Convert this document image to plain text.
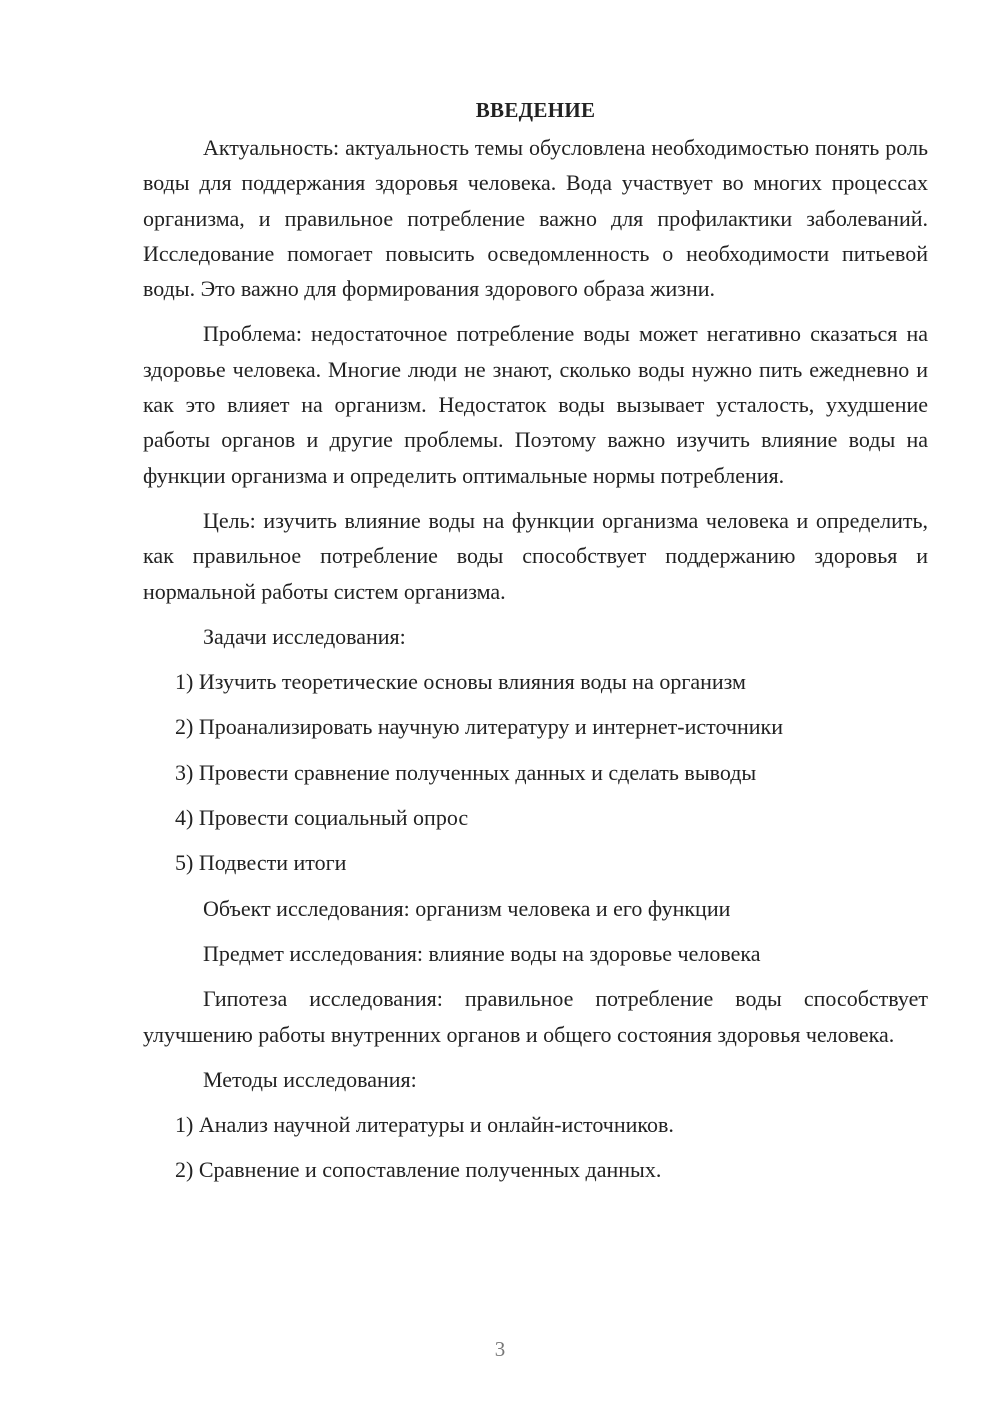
ВВЕДЕНИЕ

Актуальность: актуальность темы обусловлена необходимостью понять роль воды для поддержания здоровья человека. Вода участвует во многих процессах организма, и правильное потребление важно для профилактики заболеваний. Исследование помогает повысить осведомленность о необходимости питьевой воды. Это важно для формирования здорового образа жизни.

Проблема: недостаточное потребление воды может негативно сказаться на здоровье человека. Многие люди не знают, сколько воды нужно пить ежедневно и как это влияет на организм. Недостаток воды вызывает усталость, ухудшение работы органов и другие проблемы. Поэтому важно изучить влияние воды на функции организма и определить оптимальные нормы потребления.

Цель: изучить влияние воды на функции организма человека и определить, как правильное потребление воды способствует поддержанию здоровья и нормальной работы систем организма.

Задачи исследования:

1) Изучить теоретические основы влияния воды на организм

2) Проанализировать научную литературу и интернет-источники

3) Провести сравнение полученных данных и сделать выводы

4) Провести социальный опрос

5) Подвести итоги

Объект исследования: организм человека и его функции

Предмет исследования: влияние воды на здоровье человека

Гипотеза исследования: правильное потребление воды способствует улучшению работы внутренних органов и общего состояния здоровья человека.

Методы исследования:

1) Анализ научной литературы и онлайн-источников.

2) Сравнение и сопоставление полученных данных.

3
